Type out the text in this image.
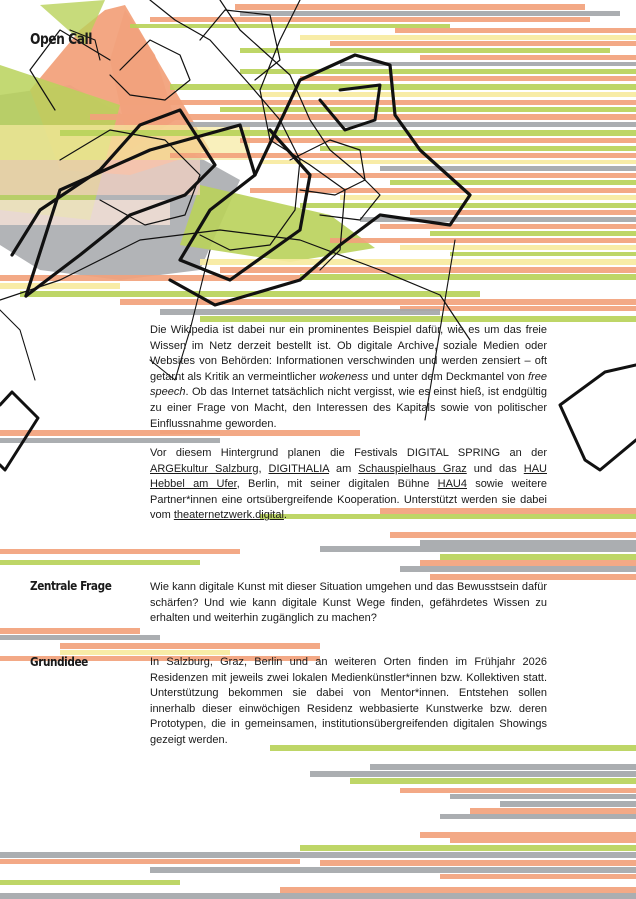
Open Call
Die Wikipedia ist dabei nur ein prominentes Beispiel dafür, wie es um das freie Wissen im Netz derzeit bestellt ist. Ob digitale Archive, soziale Medien oder Websites von Behörden: Informationen verschwinden und werden zensiert – oft getarnt als Kritik an vermeintlicher wokeness und unter dem Deckmantel von free speech. Ob das Internet tatsächlich nicht vergisst, wie es einst hieß, ist endgültig zu einer Frage von Macht, den Interessen des Kapitals sowie von politischer Einflussnahme geworden.
Vor diesem Hintergrund planen die Festivals DIGITAL SPRING an der ARGEkultur Salzburg, DIGITHALIA am Schauspielhaus Graz und das HAU Hebbel am Ufer, Berlin, mit seiner digitalen Bühne HAU4 sowie weitere Partner*innen eine ortsübergreifende Kooperation. Unterstützt werden sie dabei vom theaternetzwerk.digital.
Zentrale Frage	Wie kann digitale Kunst mit dieser Situation umgehen und das Bewusstsein dafür schärfen? Und wie kann digitale Kunst Wege finden, gefährdetes Wissen zu erhalten und weiterhin zugänglich zu machen?
Grundidee	In Salzburg, Graz, Berlin und an weiteren Orten finden im Frühjahr 2026 Residenzen mit jeweils zwei lokalen Medienkünstler*innen bzw. Kollektiven statt. Unterstützung bekommen sie dabei von Mentor*innen. Entstehen sollen innerhalb dieser einwöchigen Residenz webbasierte Kunstwerke bzw. deren Prototypen, die in gemeinsamen, institutionsübergreifenden digitalen Showings gezeigt werden.
